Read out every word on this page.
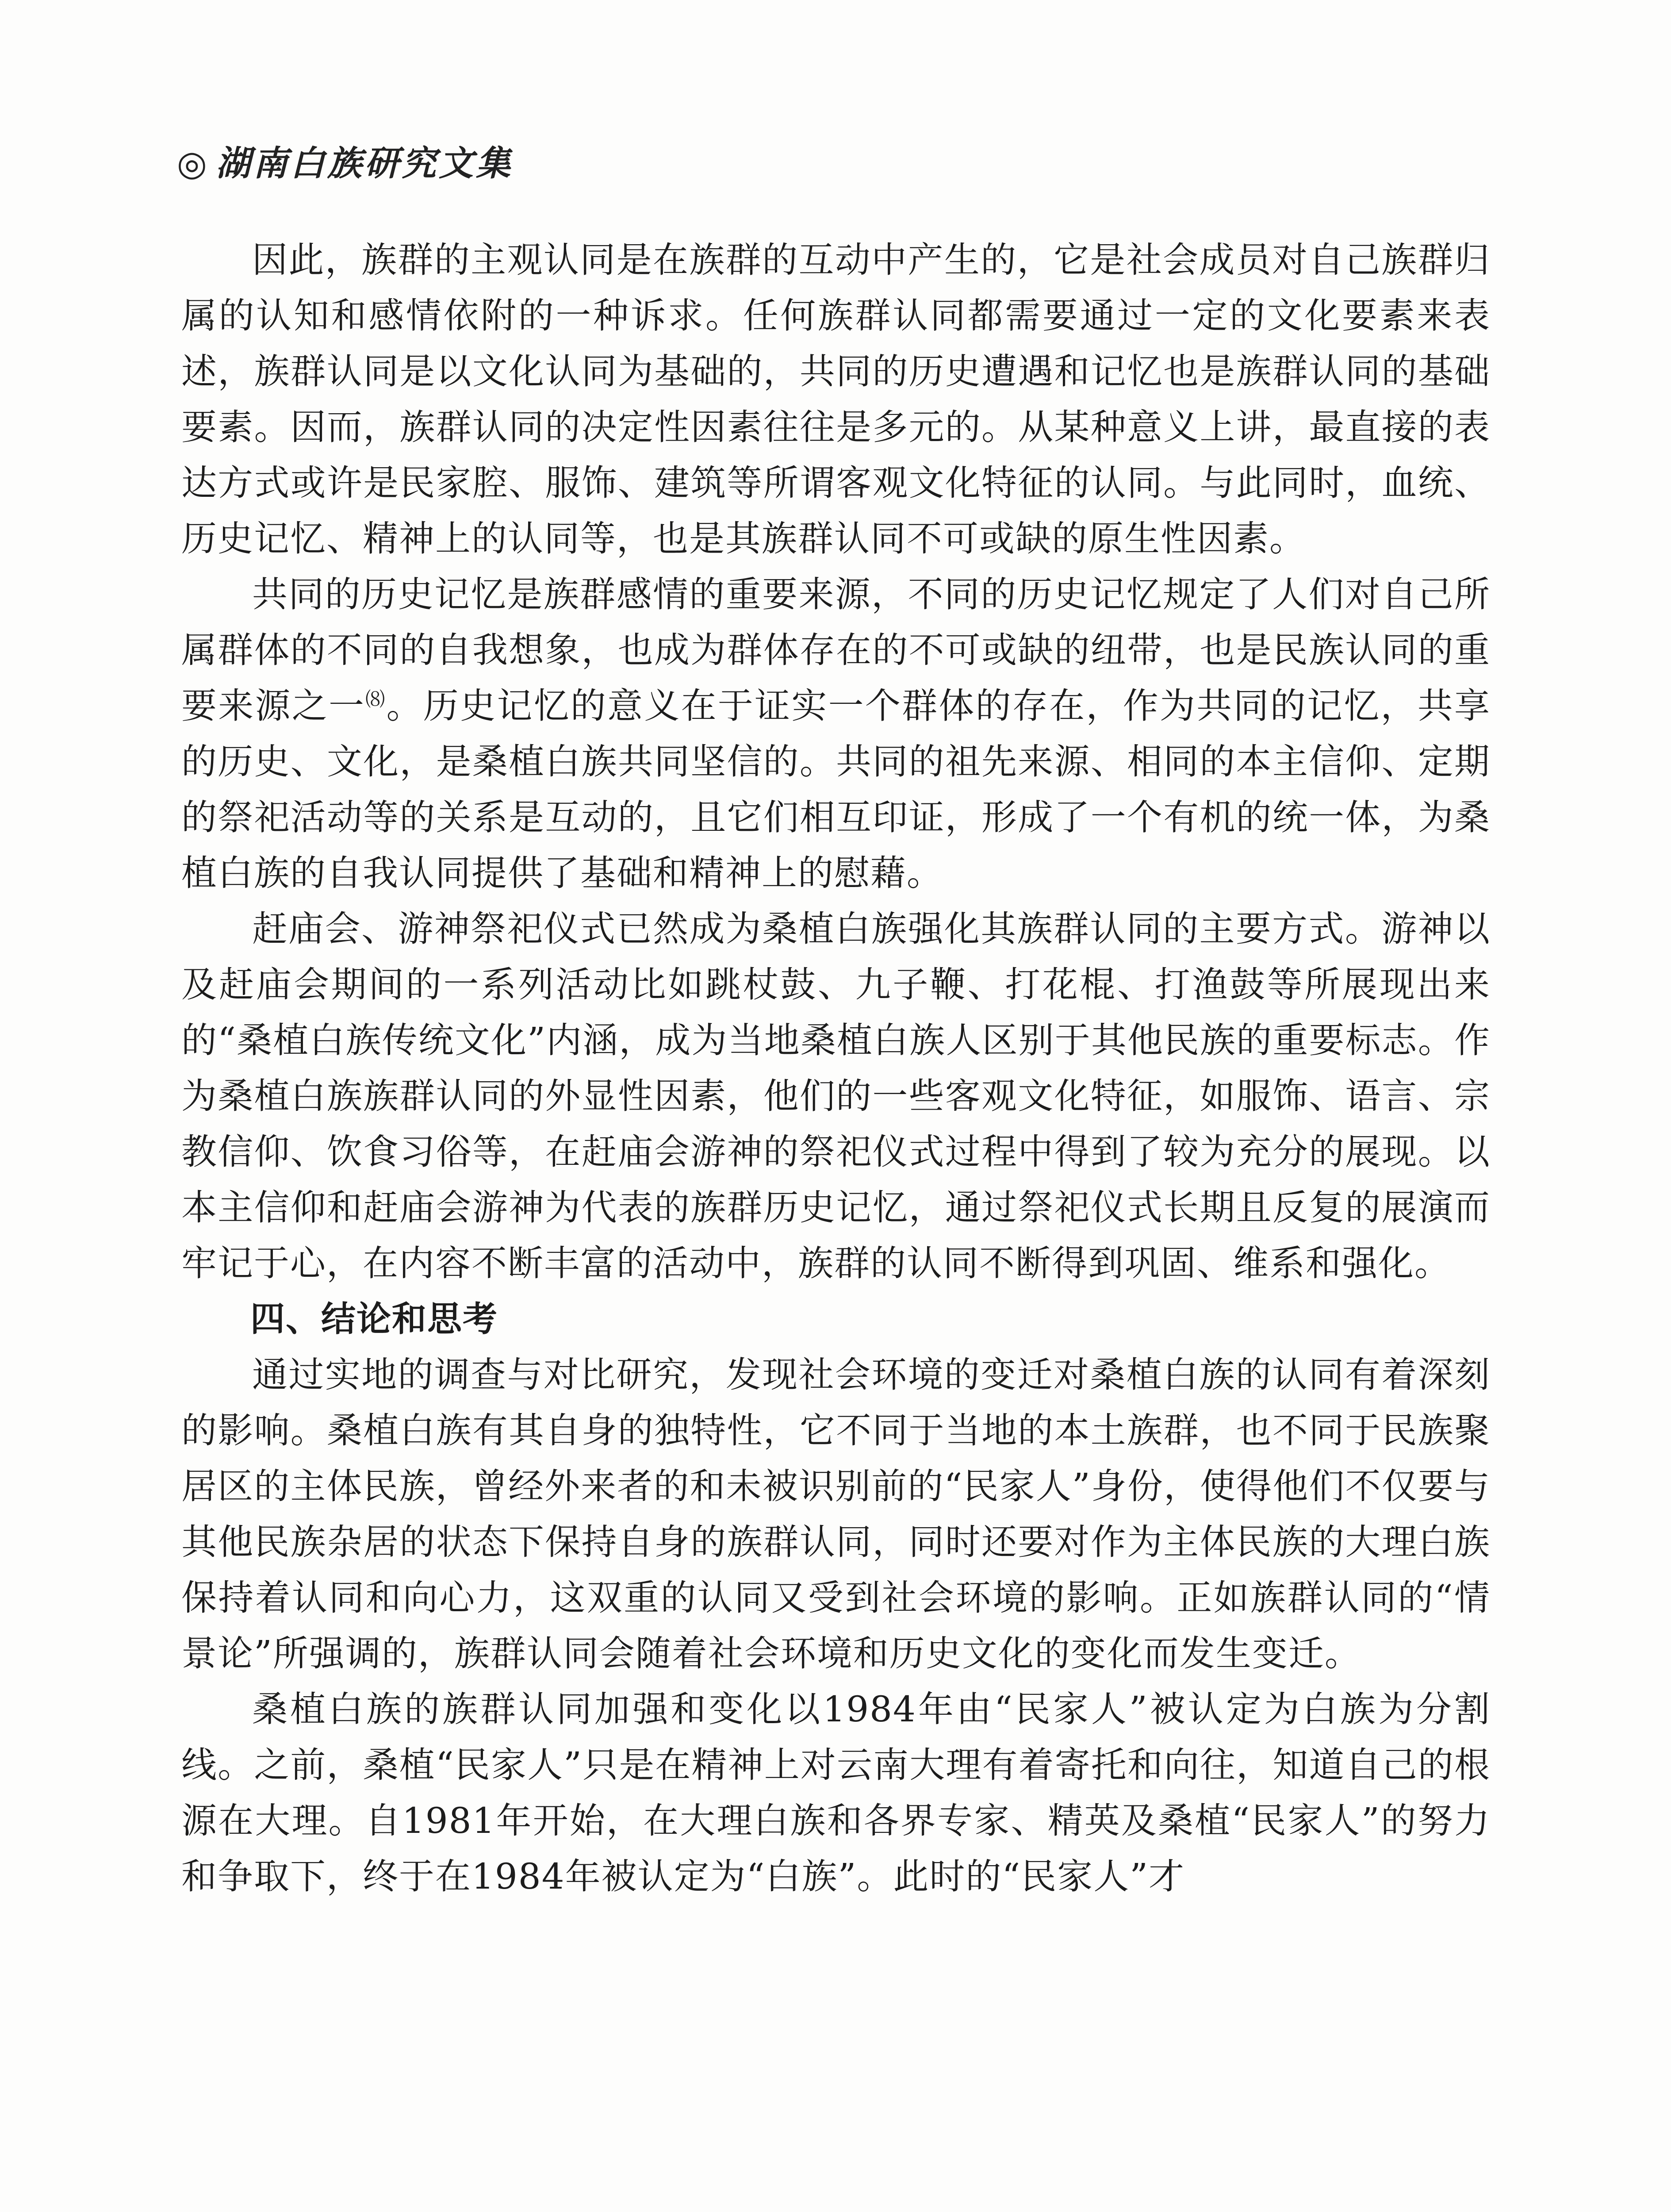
◎ 湖南白族研究文集

因此，族群的主观认同是在族群的互动中产生的，它是社会成员对自己族群归属的认知和感情依附的一种诉求。任何族群认同都需要通过一定的文化要素来表述，族群认同是以文化认同为基础的，共同的历史遭遇和记忆也是族群认同的基础要素。因而，族群认同的决定性因素往往是多元的。从某种意义上讲，最直接的表达方式或许是民家腔、服饰、建筑等所谓客观文化特征的认同。与此同时，血统、历史记忆、精神上的认同等，也是其族群认同不可或缺的原生性因素。

共同的历史记忆是族群感情的重要来源，不同的历史记忆规定了人们对自己所属群体的不同的自我想象，也成为群体存在的不可或缺的纽带，也是民族认同的重要来源之一⑻。历史记忆的意义在于证实一个群体的存在，作为共同的记忆，共享的历史、文化，是桑植白族共同坚信的。共同的祖先来源、相同的本主信仰、定期的祭祀活动等的关系是互动的，且它们相互印证，形成了一个有机的统一体，为桑植白族的自我认同提供了基础和精神上的慰藉。

赶庙会、游神祭祀仪式已然成为桑植白族强化其族群认同的主要方式。游神以及赶庙会期间的一系列活动比如跳杖鼓、九子鞭、打花棍、打渔鼓等所展现出来的“桑植白族传统文化”内涵，成为当地桑植白族人区别于其他民族的重要标志。作为桑植白族族群认同的外显性因素，他们的一些客观文化特征，如服饰、语言、宗教信仰、饮食习俗等，在赶庙会游神的祭祀仪式过程中得到了较为充分的展现。以本主信仰和赶庙会游神为代表的族群历史记忆，通过祭祀仪式长期且反复的展演而牢记于心，在内容不断丰富的活动中，族群的认同不断得到巩固、维系和强化。

四、结论和思考

通过实地的调查与对比研究，发现社会环境的变迁对桑植白族的认同有着深刻的影响。桑植白族有其自身的独特性，它不同于当地的本土族群，也不同于民族聚居区的主体民族，曾经外来者的和未被识别前的“民家人”身份，使得他们不仅要与其他民族杂居的状态下保持自身的族群认同，同时还要对作为主体民族的大理白族保持着认同和向心力，这双重的认同又受到社会环境的影响。正如族群认同的“情景论”所强调的，族群认同会随着社会环境和历史文化的变化而发生变迁。

桑植白族的族群认同加强和变化以1984年由“民家人”被认定为白族为分割线。之前，桑植“民家人”只是在精神上对云南大理有着寄托和向往，知道自己的根源在大理。自1981年开始，在大理白族和各界专家、精英及桑植“民家人”的努力和争取下，终于在1984年被认定为“白族”。此时的“民家人”才
